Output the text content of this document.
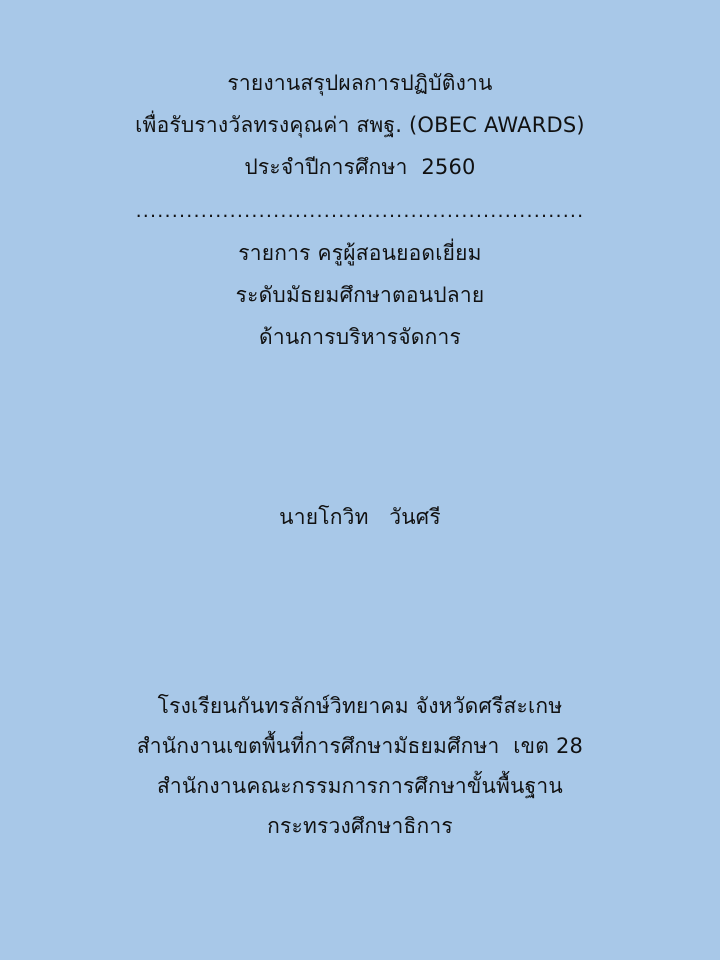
รายงานสรุปผลการปฏิบัติงาน
เพื่อรับรางวัลทรงคุณค่า สพฐ. (OBEC AWARDS)
ประจำปีการศึกษา  2560
..............................................................
รายการ ครูผู้สอนยอดเยี่ยม
ระดับมัธยมศึกษาตอนปลาย
ด้านการบริหารจัดการ
นายโกวิท   วันศรี
โรงเรียนกันทรลักษ์วิทยาคม จังหวัดศรีสะเกษ
สำนักงานเขตพื้นที่การศึกษามัธยมศึกษา  เขต 28
สำนักงานคณะกรรมการการศึกษาขั้นพื้นฐาน
กระทรวงศึกษาธิการ
